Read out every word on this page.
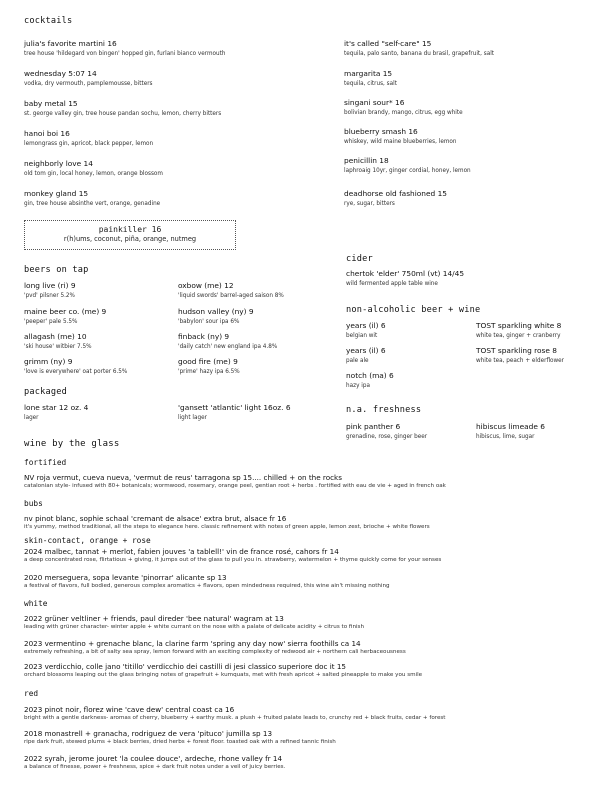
cocktails
julia's favorite martini 16
tree house 'hildegard von bingen' hopped gin, furlani bianco vermouth
wednesday 5:07 14
vodka, dry vermouth, pamplemousse, bitters
baby metal 15
st. george valley gin, tree house pandan sochu, lemon, cherry bitters
hanoi boi 16
lemongrass gin, apricot, black pepper, lemon
neighborly love 14
old tom gin, local honey, lemon, orange blossom
monkey gland 15
gin, tree house absinthe vert, orange, genadine
it's called "self-care" 15
tequila, palo santo, banana du brasil, grapefruit, salt
margarita 15
tequila, citrus, salt
singani sour* 16
bolivian brandy, mango, citrus, egg white
blueberry smash 16
whiskey, wild maine blueberries, lemon
penicillin 18
laphroaig 10yr, ginger cordial, honey, lemon
deadhorse old fashioned 15
rye, sugar, bitters
painkiller 16
r(h)ums, coconut, piña, orange, nutmeg
beers on tap
long live (ri) 9
'pvd' pilsner 5.2%
oxbow (me) 12
'liquid swords' barrel-aged saison 8%
maine beer co. (me) 9
'peeper' pale 5.5%
hudson valley (ny) 9
'babylon' sour ipa 6%
allagash (me) 10
'ski house' witbier 7.5%
finback (ny) 9
'daily catch' new england ipa 4.8%
grimm (ny) 9
'love is everywhere' oat porter 6.5%
good fire (me) 9
'prime' hazy ipa 6.5%
packaged
lone star 12 oz. 4
lager
'gansett 'atlantic' light 16oz. 6
light lager
cider
chertok 'elder' 750ml (vt) 14/45
wild fermented apple table wine
non-alcoholic beer + wine
years (il) 6
belgian wit
TOST sparkling white 8
white tea, ginger + cranberry
years (il) 6
pale ale
TOST sparkling rose 8
white tea, peach + elderflower
notch (ma) 6
hazy ipa
n.a. freshness
pink panther 6
grenadine, rose, ginger beer
hibiscus limeade 6
hibiscus, lime, sugar
wine by the glass
fortified
NV roja vermut, cueva nueva, 'vermut de reus' tarragona sp 15.... chilled + on the rocks
catalonian style- infused with 80+ botanicals; wormwood, rosemary, orange peel, gentian root + herbs . fortified with eau de vie + aged in french oak
bubs
nv pinot blanc, sophie schaal 'cremant de alsace' extra brut, alsace fr 16
it's yummy, method traditional, all the steps to elegance here. classic refinement with notes of green apple, lemon zest, brioche + white flowers
skin-contact, orange + rose
2024 malbec, tannat + merlot, fabien jouves 'a tablell!' vin de france rosé, cahors fr 14
a deep concentrated rose, flirtatious + giving, it jumps out of the glass to pull you in. strawberry, watermelon + thyme quickly come for your senses
2020 merseguera, sopa levante 'pinorrar' alicante sp 13
a festival of flavors, full bodied, generous complex aromatics + flavors, open mindedness required, this wine ain't missing nothing
white
2022 grüner veltliner + friends, paul direder 'bee natural' wagram at 13
leading with grüner character- winter apple + white currant on the nose with a palate of delicate acidity + citrus to finish
2023 vermentino + grenache blanc, la clarine farm 'spring any day now' sierra foothills ca 14
extremely refreshing, a bit of salty sea spray, lemon forward with an exciting complexity of redwood air + northern cali herbaceousness
2023 verdicchio, colle jano 'titillo' verdicchio dei castilli di jesi classico superiore doc it 15
orchard blossoms leaping out the glass bringing notes of grapefruit + kumquats, met with fresh apricot + salted pineapple to make you smile
red
2023 pinot noir, florez wine 'cave dew' central coast ca 16
bright with a gentle darkness- aromas of cherry, blueberry + earthy musk. a plush + fruited palate leads to, crunchy red + black fruits, cedar + forest
2018 monastrell + granacha, rodriguez de vera 'pituco' jumilla sp 13
ripe dark fruit, stewed plums + black berries, dried herbs + forest floor. toasted oak with a refined tannic finish
2022 syrah, jerome jouret 'la coulee douce', ardeche, rhone valley fr 14
a balance of finesse, power + freshness, spice + dark fruit notes under a veil of juicy berries.
